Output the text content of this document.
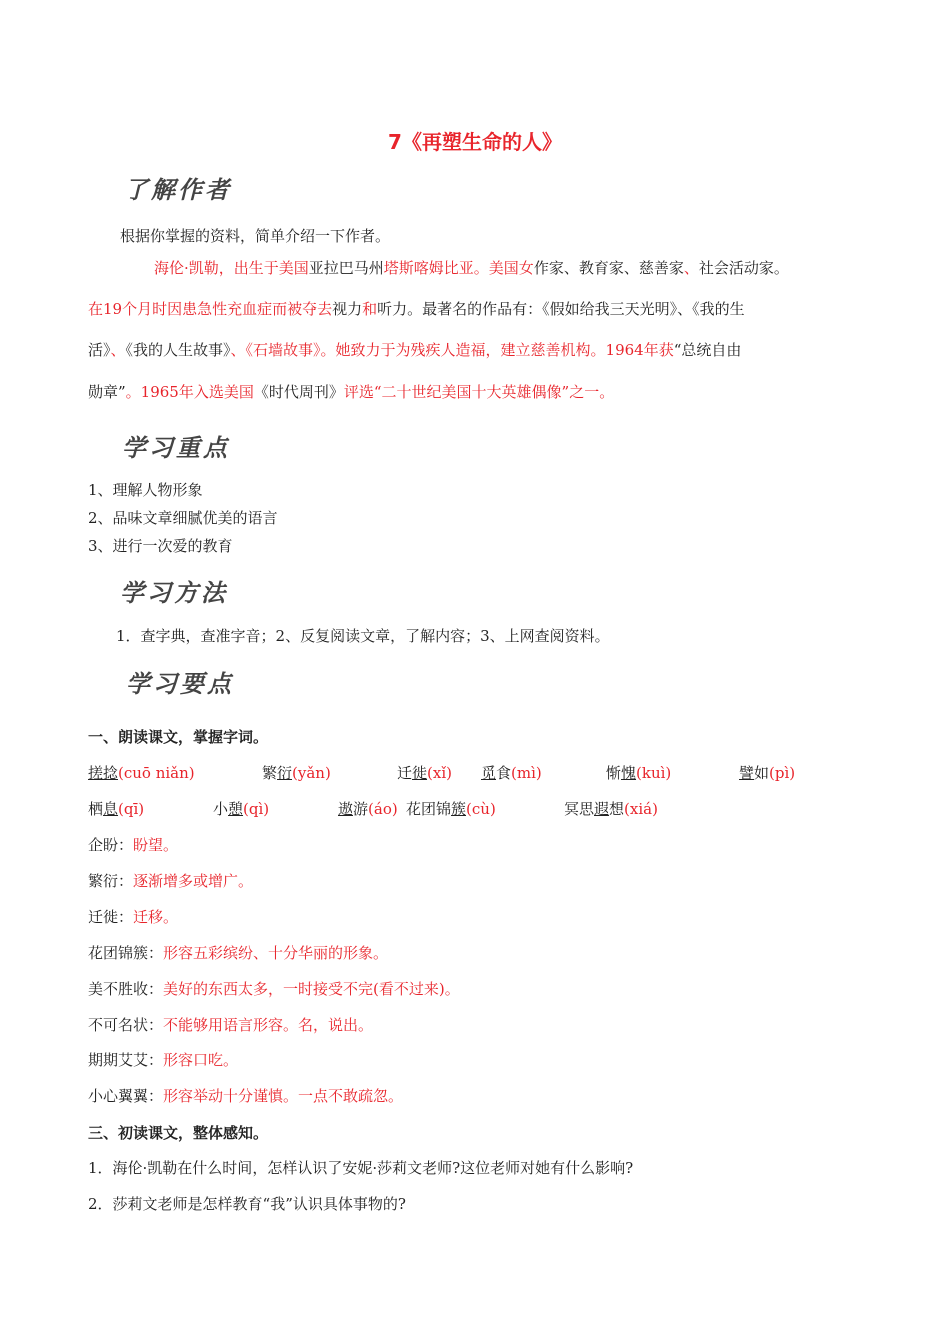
7《再塑生命的人》
了解作者
根据你掌握的资料，简单介绍一下作者。
海伦·凯勒，出生于美国亚拉巴马州塔斯喀姆比亚。美国女作家、教育家、慈善家、社会活动家。
在19个月时因患急性充血症而被夺去视力和听力。最著名的作品有：《假如给我三天光明》、《我的生
活》、《我的人生故事》、《石墙故事》。她致力于为残疾人造福，建立慈善机构。1964年获“总统自由
勋章”。1965年入选美国《时代周刊》评选“二十世纪美国十大英雄偶像”之一。
学习重点
1、理解人物形象
2、品味文章细腻优美的语言
3、进行一次爱的教育
学习方法
1．查字典，查准字音；2、反复阅读文章，了解内容；3、上网查阅资料。
学习要点
一、朗读课文，掌握字词。
搓捻(cuō niǎn)	繁衍(yǎn)	迁徙(xǐ) 觅食(mì)	惭愧(kuì)	譬如(pì)
栖息(qī)	小憩(qì)	遨游(áo) 花团锦簇(cù)	冥思遐想(xiá)
企盼：盼望。
繁衍：逐渐增多或增广。
迁徙：迁移。
花团锦簇：形容五彩缤纷、十分华丽的形象。
美不胜收：美好的东西太多，一时接受不完(看不过来)。
不可名状：不能够用语言形容。名，说出。
期期艾艾：形容口吃。
小心翼翼：形容举动十分谨慎。一点不敢疏忽。
三、初读课文，整体感知。
1．海伦·凯勒在什么时间，怎样认识了安妮·莎莉文老师?这位老师对她有什么影响?
2．莎莉文老师是怎样教育“我”认识具体事物的?
